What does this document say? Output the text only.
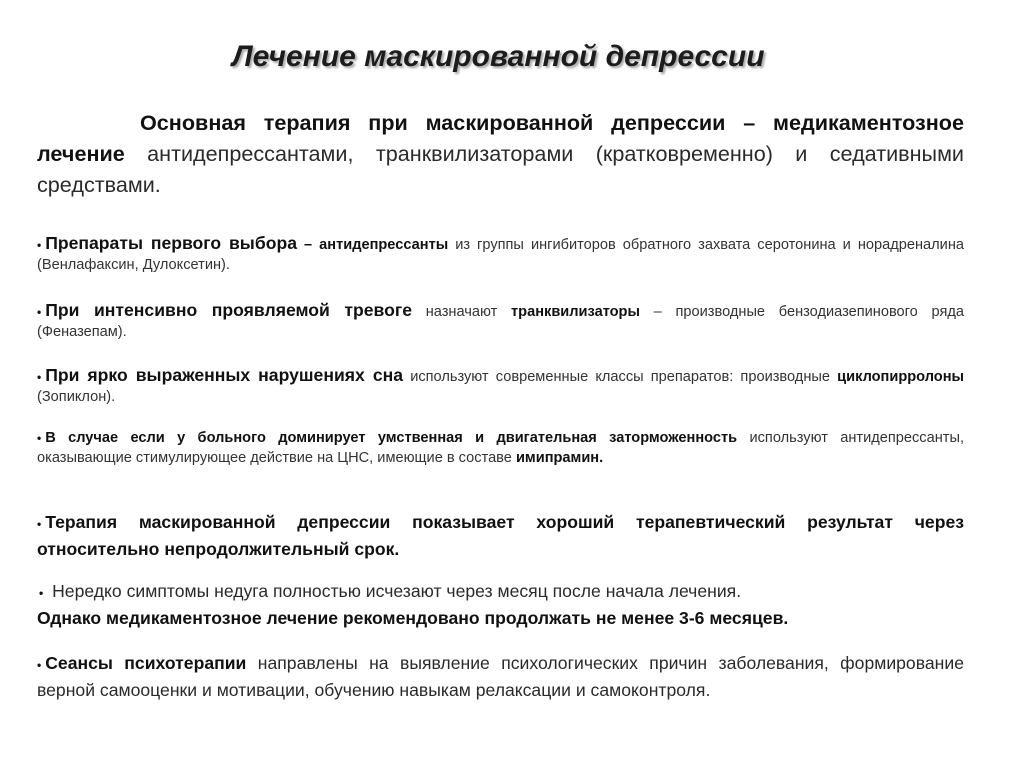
Лечение маскированной депрессии
Основная терапия при маскированной депрессии – медикаментозное лечение антидепрессантами, транквилизаторами (кратковременно) и седативными средствами.
• Препараты первого выбора – антидепрессанты из группы ингибиторов обратного захвата серотонина и норадреналина (Венлафаксин, Дулоксетин).
• При интенсивно проявляемой тревоге назначают транквилизаторы – производные бензодиазепинового ряда (Феназепам).
• При ярко выраженных нарушениях сна используют современные классы препаратов: производные циклопирролоны (Зопиклон).
• В случае если у больного доминирует умственная и двигательная заторможенность используют антидепрессанты, оказывающие стимулирующее действие на ЦНС, имеющие в составе имипрамин.
• Терапия маскированной депрессии показывает хороший терапевтический результат через относительно непродолжительный срок.
• Нередко симптомы недуга полностью исчезают через месяц после начала лечения.
Однако медикаментозное лечение рекомендовано продолжать не менее 3-6 месяцев.
• Сеансы психотерапии направлены на выявление психологических причин заболевания, формирование верной самооценки и мотивации, обучению навыкам релаксации и самоконтроля.
